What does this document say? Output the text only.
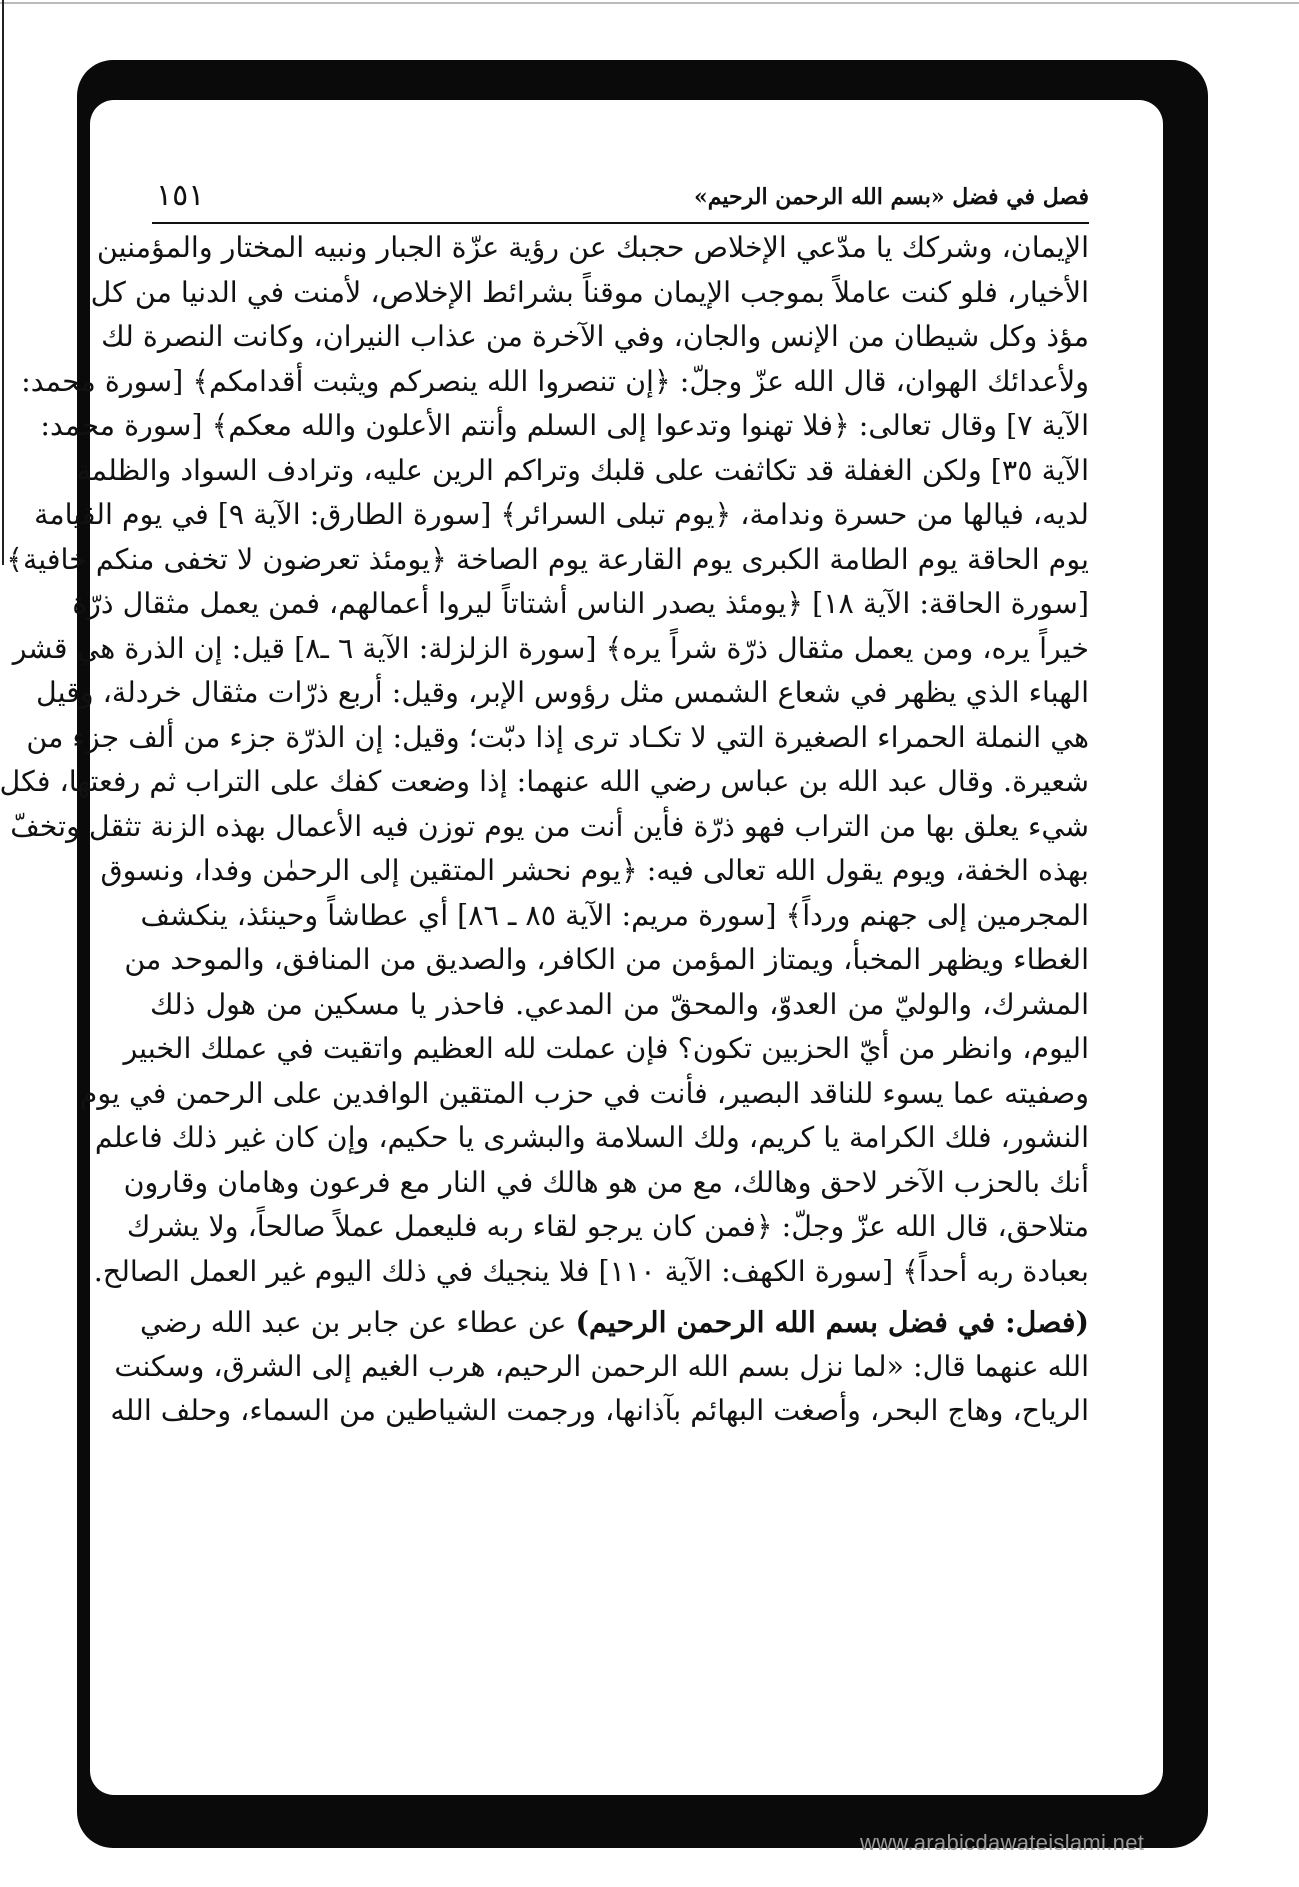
فصل في فضل «بسم الله الرحمن الرحيم»
١٥١
الإيمان، وشركك يا مدّعي الإخلاص حجبك عن رؤية عزّة الجبار ونبيه المختار والمؤمنين
الأخيار، فلو كنت عاملاً بموجب الإيمان موقناً بشرائط الإخلاص، لأمنت في الدنيا من كل
مؤذ وكل شيطان من الإنس والجان، وفي الآخرة من عذاب النيران، وكانت النصرة لك
ولأعدائك الهوان، قال الله عزّ وجلّ: ﴿إن تنصروا الله ينصركم ويثبت أقدامكم﴾ [سورة محمد:
الآية ٧] وقال تعالى: ﴿فلا تهنوا وتدعوا إلى السلم وأنتم الأعلون والله معكم﴾ [سورة محمد:
الآية ٣٥] ولكن الغفلة قد تكاثفت على قلبك وتراكم الرين عليه، وترادف السواد والظلمة
لديه، فيالها من حسرة وندامة، ﴿يوم تبلى السرائر﴾ [سورة الطارق: الآية ٩] في يوم القيامة
يوم الحاقة يوم الطامة الكبرى يوم القارعة يوم الصاخة ﴿يومئذ تعرضون لا تخفى منكم خافية﴾
[سورة الحاقة: الآية ١٨] ﴿يومئذ يصدر الناس أشتاتاً ليروا أعمالهم، فمن يعمل مثقال ذرّة
خيراً يره، ومن يعمل مثقال ذرّة شراً يره﴾ [سورة الزلزلة: الآية ٦ ـ٨] قيل: إن الذرة هي قشر
الهباء الذي يظهر في شعاع الشمس مثل رؤوس الإبر، وقيل: أربع ذرّات مثقال خردلة، وقيل
هي النملة الحمراء الصغيرة التي لا تكـاد ترى إذا دبّت؛ وقيل: إن الذرّة جزء من ألف جزء من
شعيرة. وقال عبد الله بن عباس رضي الله عنهما: إذا وضعت كفك على التراب ثم رفعتها، فكل
شيء يعلق بها من التراب فهو ذرّة فأين أنت من يوم توزن فيه الأعمال بهذه الزنة تثقل وتخفّ
بهذه الخفة، ويوم يقول الله تعالى فيه: ﴿يوم نحشر المتقين إلى الرحمٰن وفدا، ونسوق
المجرمين إلى جهنم ورداً﴾ [سورة مريم: الآية ٨٥ ـ ٨٦] أي عطاشاً وحينئذ، ينكشف
الغطاء ويظهر المخبأ، ويمتاز المؤمن من الكافر، والصديق من المنافق، والموحد من
المشرك، والوليّ من العدوّ، والمحقّ من المدعي. فاحذر يا مسكين من هول ذلك
اليوم، وانظر من أيّ الحزبين تكون؟ فإن عملت لله العظيم واتقيت في عملك الخبير
وصفيته عما يسوء للناقد البصير، فأنت في حزب المتقين الوافدين على الرحمن في يوم
النشور، فلك الكرامة يا كريم، ولك السلامة والبشرى يا حكيم، وإن كان غير ذلك فاعلم
أنك بالحزب الآخر لاحق وهالك، مع من هو هالك في النار مع فرعون وهامان وقارون
متلاحق، قال الله عزّ وجلّ: ﴿فمن كان يرجو لقاء ربه فليعمل عملاً صالحاً، ولا يشرك
بعبادة ربه أحداً﴾ [سورة الكهف: الآية ١١٠] فلا ينجيك في ذلك اليوم غير العمل الصالح.
(فصل: في فضل بسم الله الرحمن الرحيم) عن عطاء عن جابر بن عبد الله رضي
الله عنهما قال: «لما نزل بسم الله الرحمن الرحيم، هرب الغيم إلى الشرق، وسكنت
الرياح، وهاج البحر، وأصغت البهائم بآذانها، ورجمت الشياطين من السماء، وحلف الله
www.arabicdawateislami.net
